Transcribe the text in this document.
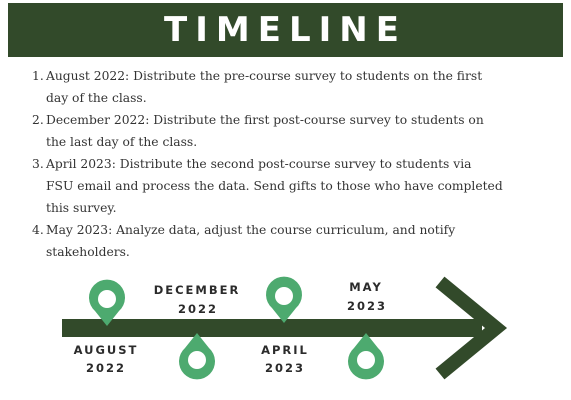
TIMELINE
1. August 2022: Distribute the pre-course survey to students on the first
day of the class.
2. December 2022: Distribute the first post-course survey to students on
the last day of the class.
3. April 2023: Distribute the second post-course survey to students via
FSU email and process the data. Send gifts to those who have completed
this survey.
4. May 2023: Analyze data, adjust the course curriculum, and notify
stakeholders.
AUGUST
2022
DECEMBER
2022
APRIL
2023
MAY
2023
